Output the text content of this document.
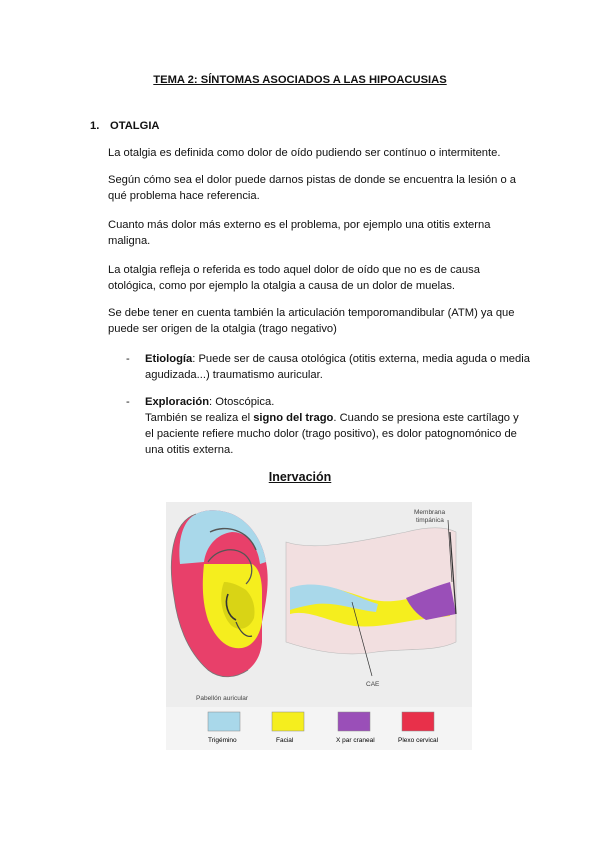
TEMA 2: SÍNTOMAS ASOCIADOS A LAS HIPOACUSIAS
1. OTALGIA
La otalgia es definida como dolor de oído pudiendo ser contínuo o intermitente.
Según cómo sea el dolor puede darnos pistas de donde se encuentra la lesión o a qué problema hace referencia.
Cuanto más dolor más externo es el problema, por ejemplo una otitis externa maligna.
La otalgia refleja o referida es todo aquel dolor de oído que no es de causa otológica, como por ejemplo la otalgia a causa de un dolor de muelas.
Se debe tener en cuenta también la articulación temporomandibular (ATM) ya que puede ser origen de la otalgia (trago negativo)
- Etiología: Puede ser de causa otológica (otitis externa, media aguda o media agudizada...) traumatismo auricular.
- Exploración: Otoscópica.
También se realiza el signo del trago. Cuando se presiona este cartílago y el paciente refiere mucho dolor (trago positivo), es dolor patognomónico de una otitis externa.
Inervación
Membrana
timpánica
CAE
Pabellón auricular
Trigémino	Facial	X par craneal	Plexo cervical
